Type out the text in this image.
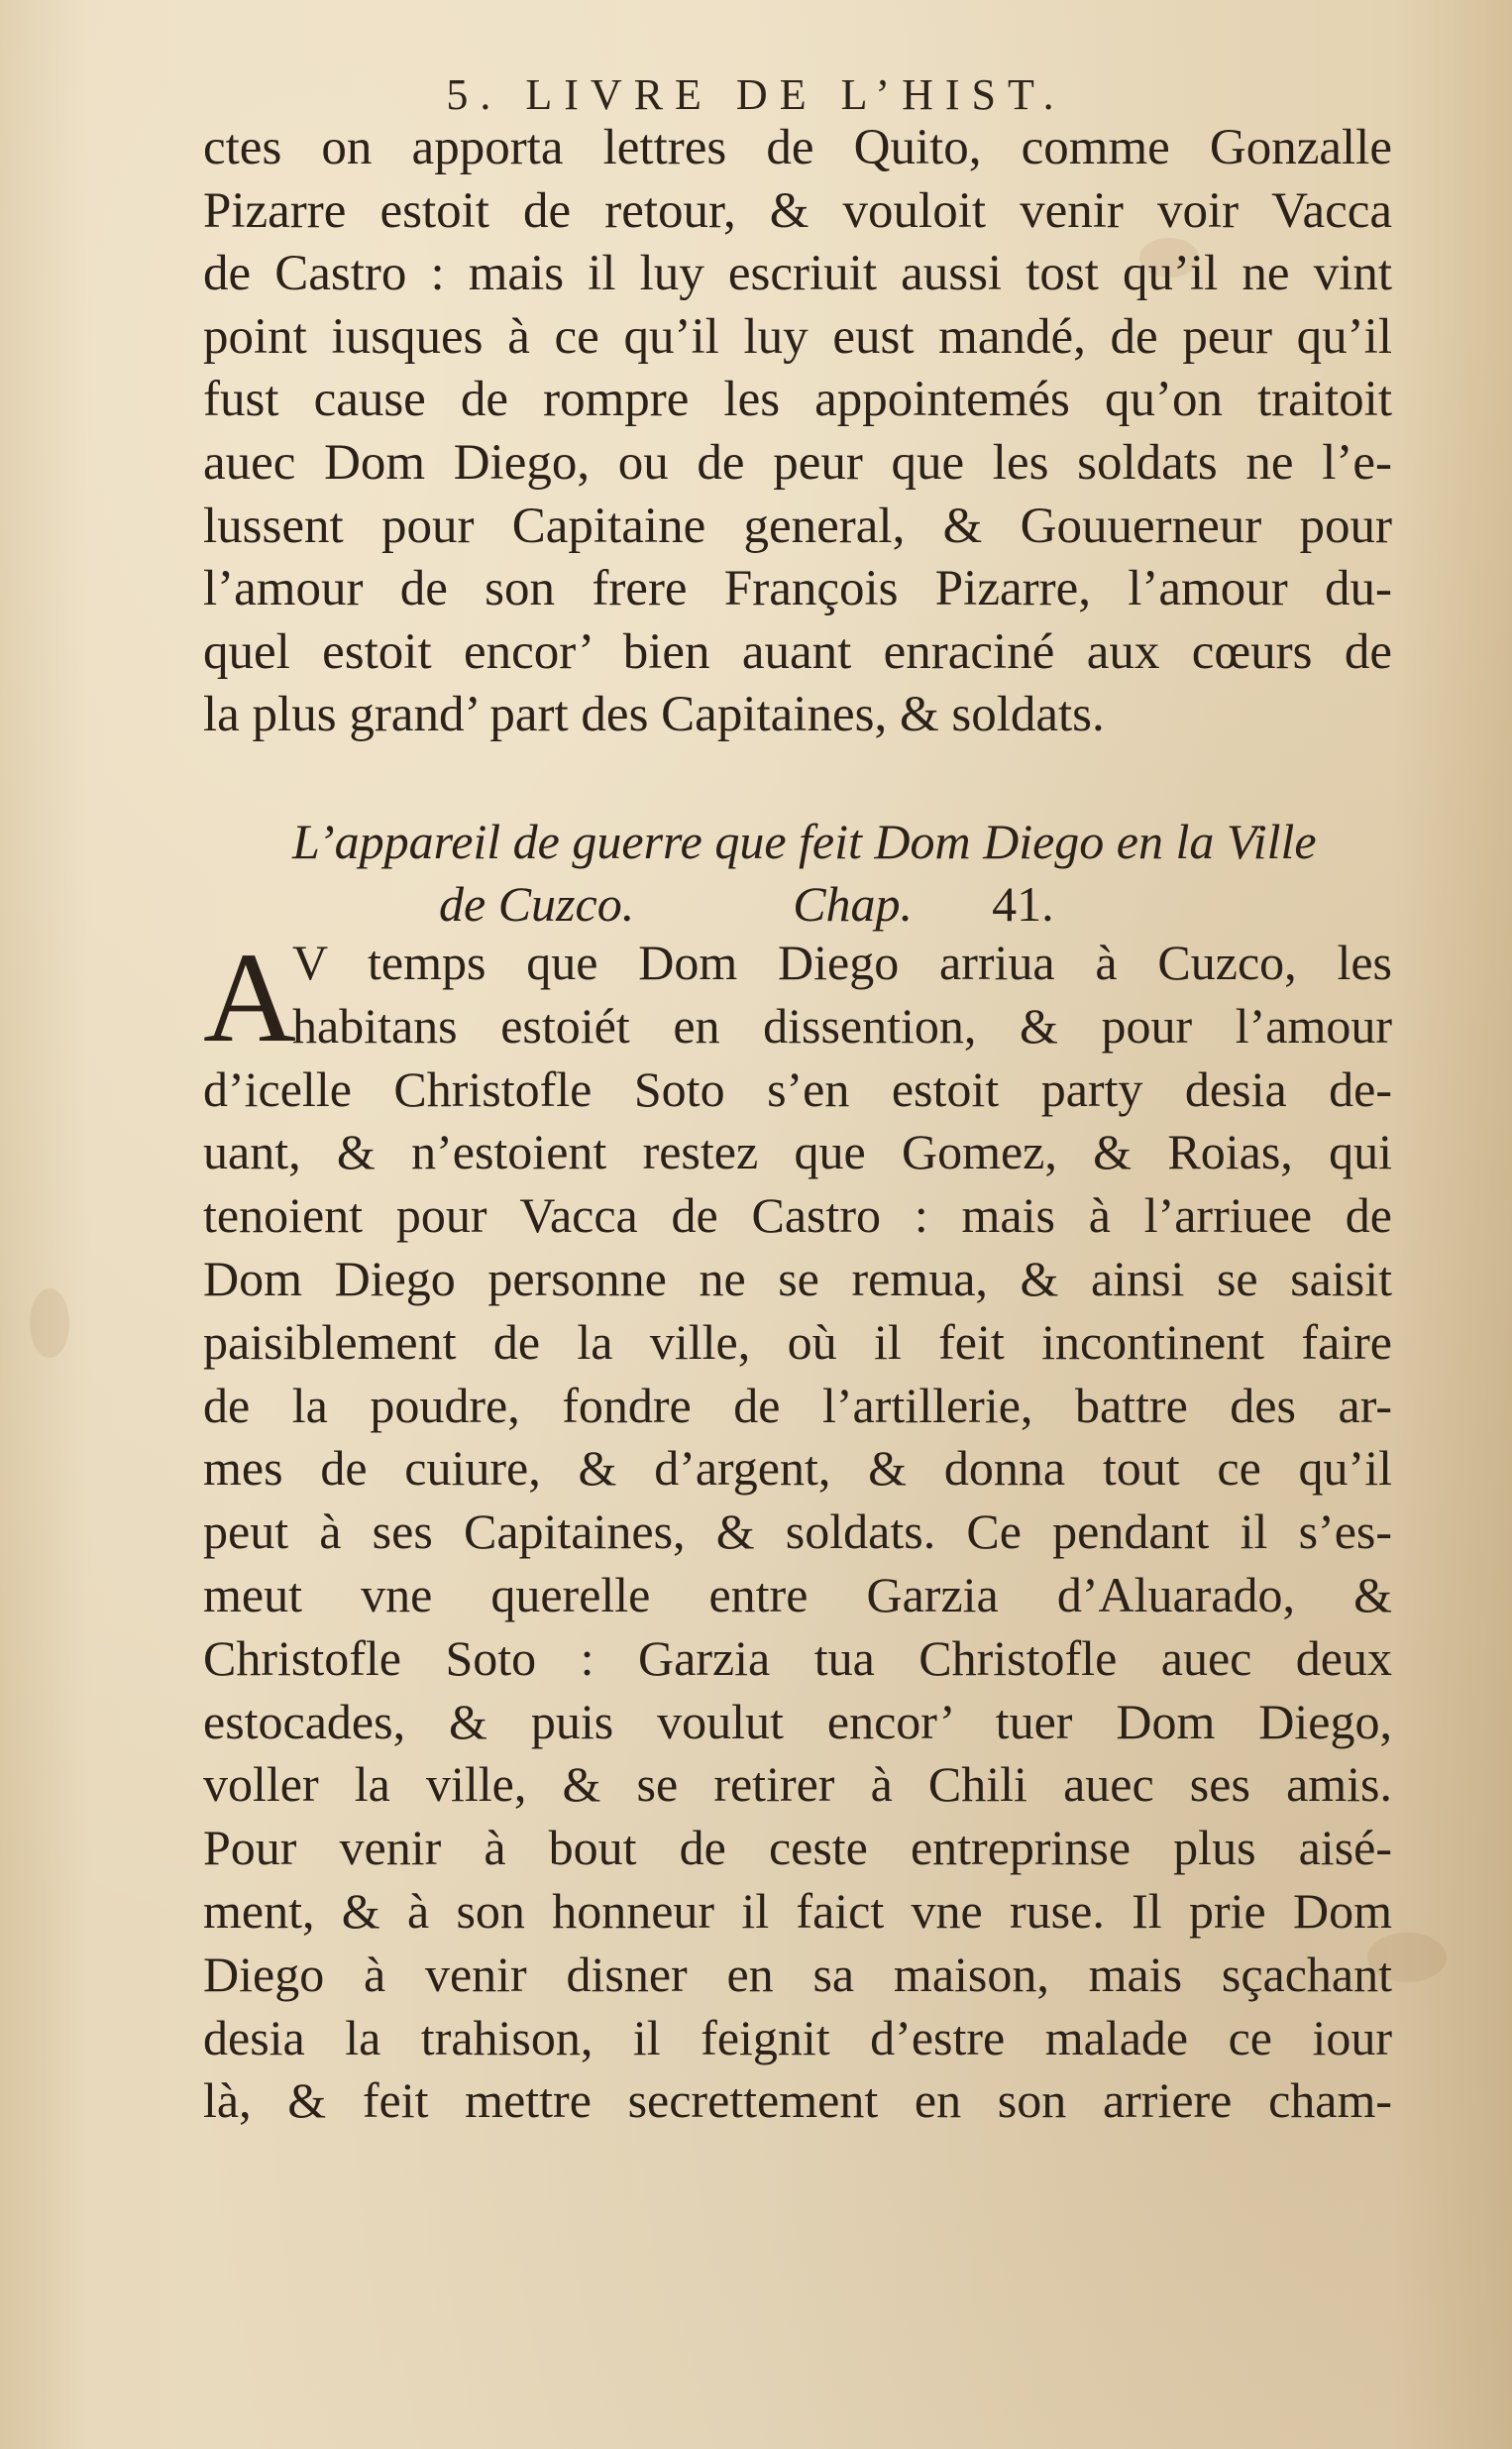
5. LIVRE DE L’HIST.
ctes on apporta lettres de Quito, comme Gonzalle
Pizarre estoit de retour, & vouloit venir voir Vacca
de Castro : mais il luy escriuit aussi tost qu’il ne vint
point iusques à ce qu’il luy eust mandé, de peur qu’il
fust cause de rompre les appointemés qu’on traitoit
auec Dom Diego, ou de peur que les soldats ne l’e-
lussent pour Capitaine general, & Gouuerneur pour
l’amour de son frere François Pizarre, l’amour du-
quel estoit encor’ bien auant enraciné aux cœurs de
la plus grand’ part des Capitaines, & soldats.
L’appareil de guerre que feit Dom Diego en la Ville
de Cuzco.	Chap. 41.
A
V temps que Dom Diego arriua à Cuzco, les
habitans estoiét en dissention, & pour l’amour
d’icelle Christofle Soto s’en estoit party desia de-
uant, & n’estoient restez que Gomez, & Roias, qui
tenoient pour Vacca de Castro : mais à l’arriuee de
Dom Diego personne ne se remua, & ainsi se saisit
paisiblement de la ville, où il feit incontinent faire
de la poudre, fondre de l’artillerie, battre des ar-
mes de cuiure, & d’argent, & donna tout ce qu’il
peut à ses Capitaines, & soldats. Ce pendant il s’es-
meut vne querelle entre Garzia d’Aluarado, &
Christofle Soto : Garzia tua Christofle auec deux
estocades, & puis voulut encor’ tuer Dom Diego,
voller la ville, & se retirer à Chili auec ses amis.
Pour venir à bout de ceste entreprinse plus aisé-
ment, & à son honneur il faict vne ruse. Il prie Dom
Diego à venir disner en sa maison, mais sçachant
desia la trahison, il feignit d’estre malade ce iour
là, & feit mettre secrettement en son arriere cham-
